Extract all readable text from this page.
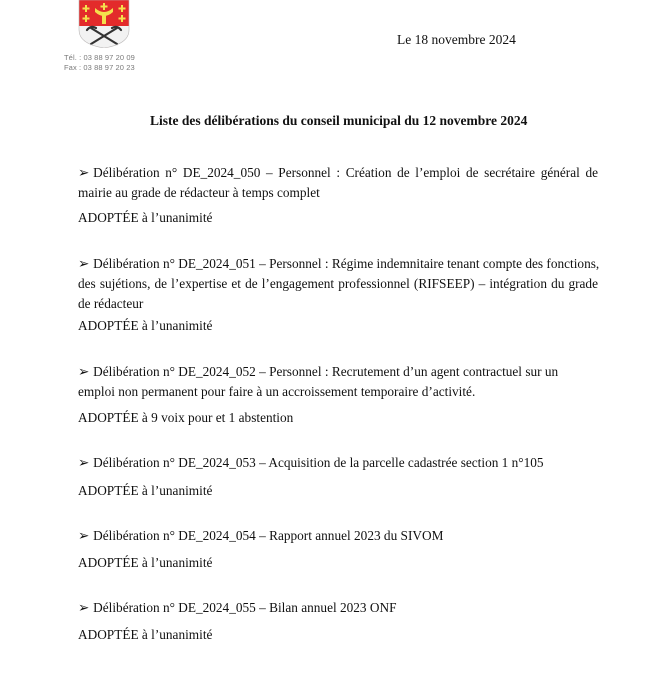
Tél. : 03 88 97 20 09
Fax : 03 88 97 20 23
Le 18 novembre 2024
Liste des délibérations du conseil municipal du 12 novembre 2024
➢ Délibération n° DE_2024_050 – Personnel : Création de l’emploi de secrétaire général de
mairie au grade de rédacteur à temps complet
ADOPTÉE à l’unanimité
➢ Délibération n° DE_2024_051 – Personnel : Régime indemnitaire tenant compte des fonctions,
des sujétions, de l’expertise et de l’engagement professionnel (RIFSEEP) – intégration du grade
de rédacteur
ADOPTÉE à l’unanimité
➢ Délibération n° DE_2024_052 – Personnel : Recrutement d’un agent contractuel sur un
emploi non permanent pour faire à un accroissement temporaire d’activité.
ADOPTÉE à 9 voix pour et 1 abstention
➢ Délibération n° DE_2024_053 – Acquisition de la parcelle cadastrée section 1 n°105
ADOPTÉE à l’unanimité
➢ Délibération n° DE_2024_054 – Rapport annuel 2023 du SIVOM
ADOPTÉE à l’unanimité
➢ Délibération n° DE_2024_055 – Bilan annuel 2023 ONF
ADOPTÉE à l’unanimité
